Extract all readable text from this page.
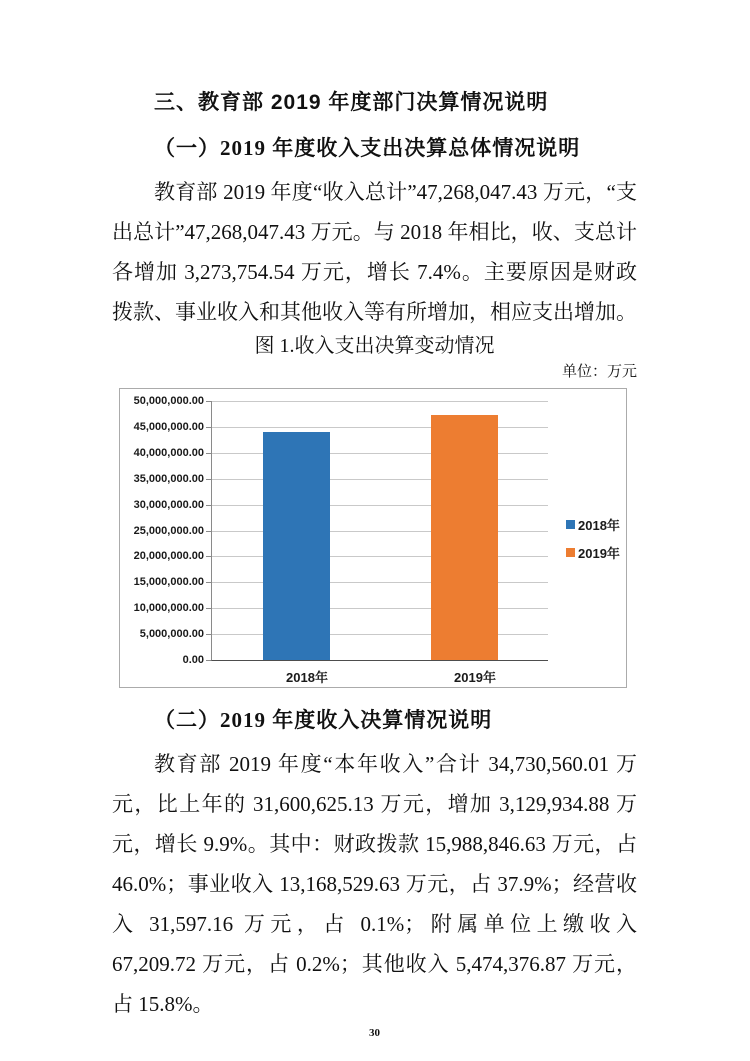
三、教育部 2019 年度部门决算情况说明

（一）2019 年度收入支出决算总体情况说明

教育部 2019 年度“收入总计”47,268,047.43 万元，“支出总计”47,268,047.43 万元。与 2018 年相比，收、支总计各增加 3,273,754.54 万元，增长 7.4%。主要原因是财政拨款、事业收入和其他收入等有所增加，相应支出增加。

图 1.收入支出决算变动情况

单位：万元

2018年
2019年
0.00
5,000,000.00
10,000,000.00
15,000,000.00
20,000,000.00
25,000,000.00
30,000,000.00
35,000,000.00
40,000,000.00
45,000,000.00
50,000,000.00
2018年	2019年

（二）2019 年度收入决算情况说明

教育部 2019 年度“本年收入”合计 34,730,560.01 万元，比上年的 31,600,625.13 万元，增加 3,129,934.88 万元，增长 9.9%。其中：财政拨款 15,988,846.63 万元，占 46.0%；事业收入 13,168,529.63 万元，占 37.9%；经营收入 31,597.16 万元，占 0.1%；附属单位上缴收入 67,209.72 万元，占 0.2%；其他收入 5,474,376.87 万元，占 15.8%。

30
